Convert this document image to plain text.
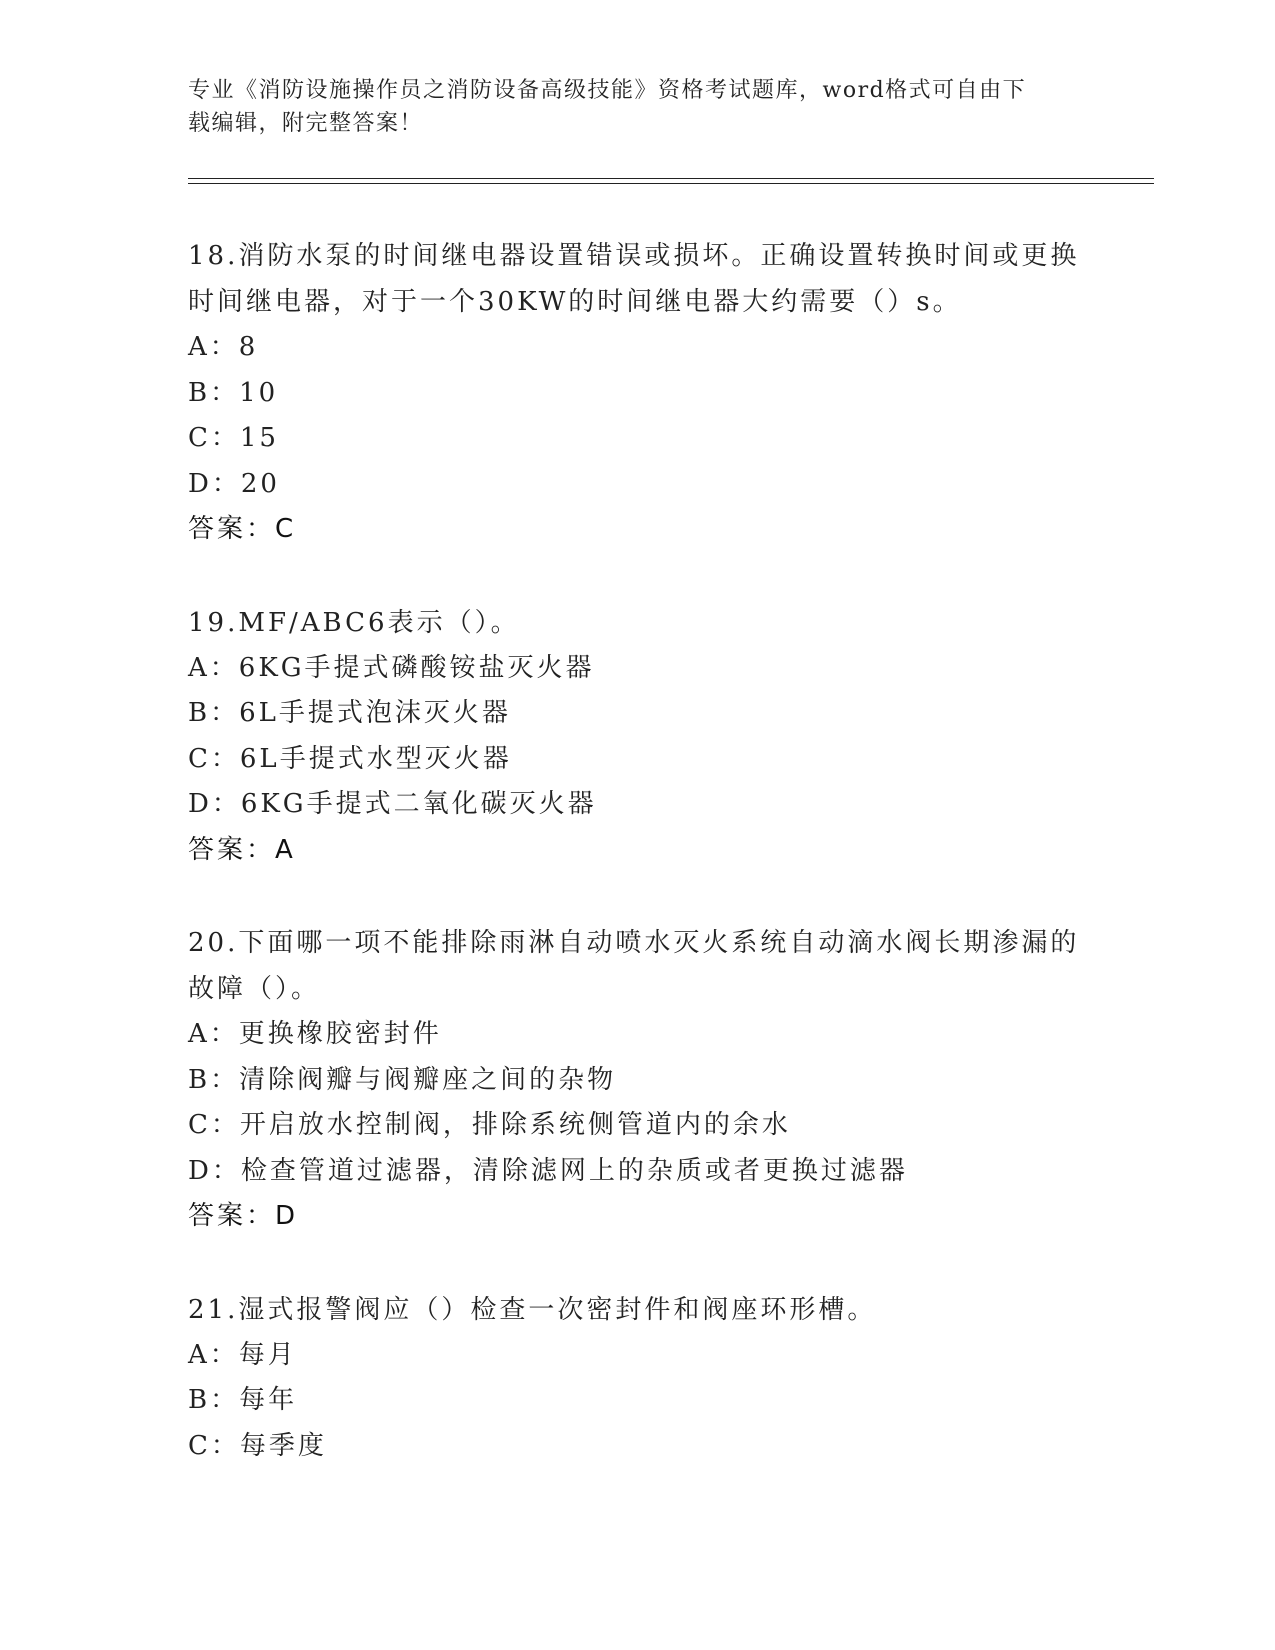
专业《消防设施操作员之消防设备高级技能》资格考试题库，word格式可自由下
载编辑，附完整答案！

18.消防水泵的时间继电器设置错误或损坏。正确设置转换时间或更换时间继电器，对于一个30KW的时间继电器大约需要（）s。

A：8

B：10

C：15

D：20

答案：C

19.MF/ABC6表示（）。

A：6KG手提式磷酸铵盐灭火器

B：6L手提式泡沫灭火器

C：6L手提式水型灭火器

D：6KG手提式二氧化碳灭火器

答案：A

20.下面哪一项不能排除雨淋自动喷水灭火系统自动滴水阀长期渗漏的故障（）。

A：更换橡胶密封件

B：清除阀瓣与阀瓣座之间的杂物

C：开启放水控制阀，排除系统侧管道内的余水

D：检查管道过滤器，清除滤网上的杂质或者更换过滤器

答案：D

21.湿式报警阀应（）检查一次密封件和阀座环形槽。

A：每月

B：每年

C：每季度
